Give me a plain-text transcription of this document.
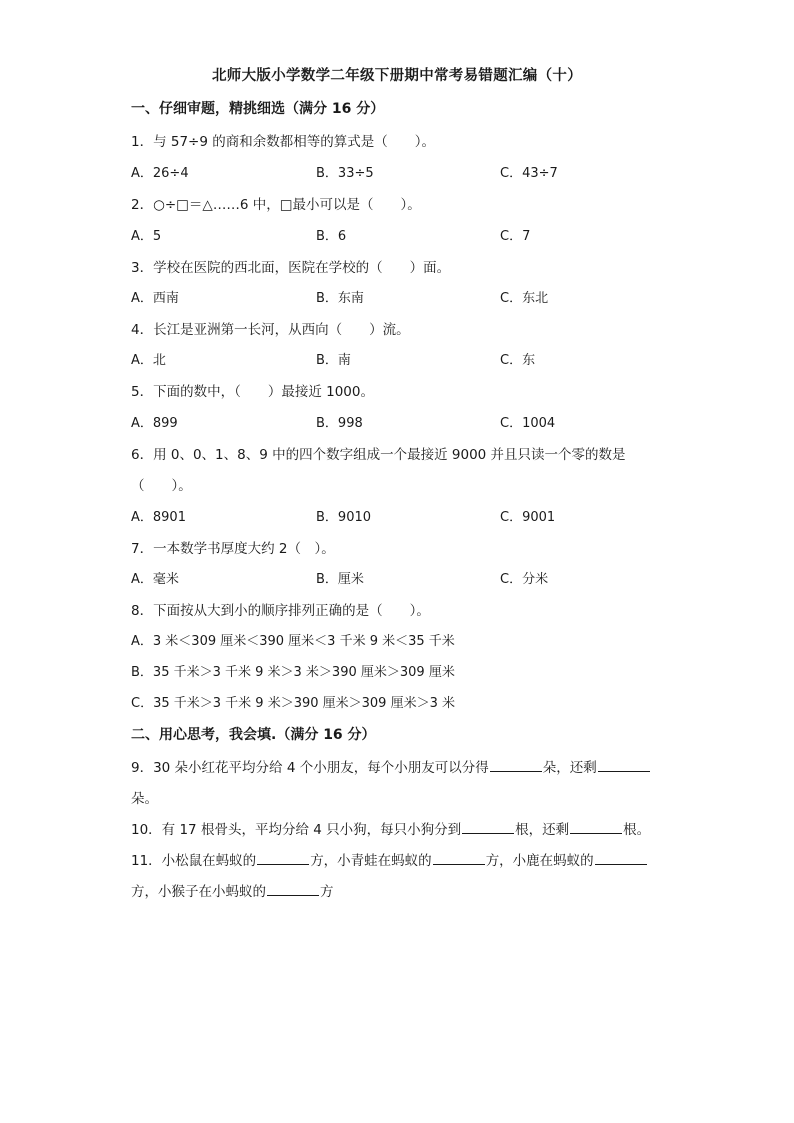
北师大版小学数学二年级下册期中常考易错题汇编（十）
一、仔细审题，精挑细选（满分 16 分）
1．与 57÷9 的商和余数都相等的算式是（　　）。
A．26÷4	B．33÷5	C．43÷7
2．○÷□＝△……6 中，□最小可以是（　　）。
A．5	B．6	C．7
3．学校在医院的西北面，医院在学校的（　　）面。
A．西南	B．东南	C．东北
4．长江是亚洲第一长河，从西向（　　）流。
A．北	B．南	C．东
5．下面的数中，（　　）最接近 1000。
A．899	B．998	C．1004
6．用 0、0、1、8、9 中的四个数字组成一个最接近 9000 并且只读一个零的数是
（　　）。
A．8901	B．9010	C．9001
7．一本数学书厚度大约 2（　）。
A．毫米	B．厘米	C．分米
8．下面按从大到小的顺序排列正确的是（　　）。
A．3 米＜309 厘米＜390 厘米＜3 千米 9 米＜35 千米
B．35 千米＞3 千米 9 米＞3 米＞390 厘米＞309 厘米
C．35 千米＞3 千米 9 米＞390 厘米＞309 厘米＞3 米
二、用心思考，我会填.（满分 16 分）
9．30 朵小红花平均分给 4 个小朋友，每个小朋友可以分得	朵，还剩
朵。
10．有 17 根骨头，平均分给 4 只小狗，每只小狗分到	根，还剩	根。
11．小松鼠在蚂蚁的	方，小青蛙在蚂蚁的	方，小鹿在蚂蚁的
方，小猴子在小蚂蚁的	方
